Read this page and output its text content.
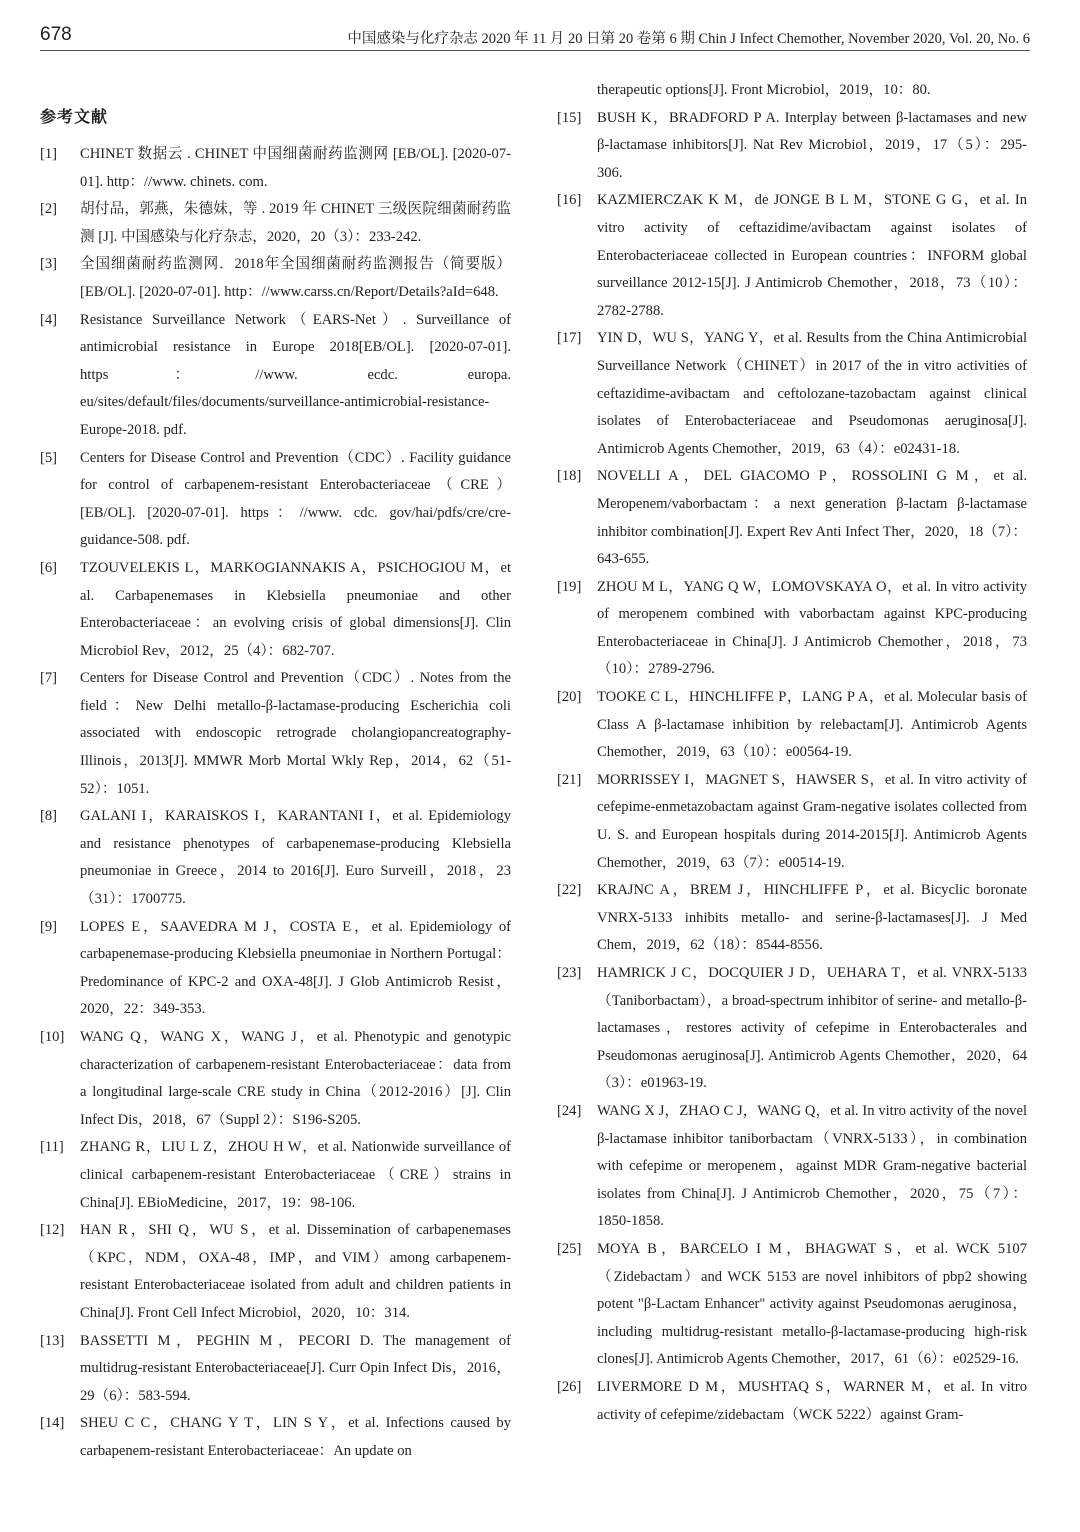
678	中国感染与化疗杂志 2020 年 11 月 20 日第 20 卷第 6 期 Chin J Infect Chemother, November 2020, Vol. 20, No. 6
参考文献
[1]	CHINET 数据云 . CHINET 中国细菌耐药监测网 [EB/OL]. [2020-07-01]. http：//www. chinets. com.
[2]	胡付品，郭燕，朱德妹，等 . 2019 年 CHINET 三级医院细菌耐药监测 [J]. 中国感染与化疗杂志，2020，20（3）：233-242.
[3]	全国细菌耐药监测网．2018年全国细菌耐药监测报告（简要版）[EB/OL]. [2020-07-01]. http：//www.carss.cn/Report/Details?aId=648.
[4]	Resistance Surveillance Network（EARS-Net）. Surveillance of antimicrobial resistance in Europe 2018[EB/OL]. [2020-07-01]. https：//www. ecdc. europa. eu/sites/default/files/documents/surveillance-antimicrobial-resistance-Europe-2018. pdf.
[5]	Centers for Disease Control and Prevention（CDC）. Facility guidance for control of carbapenem-resistant Enterobacteriaceae（CRE）[EB/OL]. [2020-07-01]. https：//www. cdc. gov/hai/pdfs/cre/cre-guidance-508. pdf.
[6]	TZOUVELEKIS L，MARKOGIANNAKIS A，PSICHOGIOU M，et al. Carbapenemases in Klebsiella pneumoniae and other Enterobacteriaceae：an evolving crisis of global dimensions[J]. Clin Microbiol Rev，2012，25（4）：682-707.
[7]	Centers for Disease Control and Prevention（CDC）. Notes from the field：New Delhi metallo-β-lactamase-producing Escherichia coli associated with endoscopic retrograde cholangiopancreatography-Illinois，2013[J]. MMWR Morb Mortal Wkly Rep，2014，62（51-52）：1051.
[8]	GALANI I，KARAISKOS I，KARANTANI I，et al. Epidemiology and resistance phenotypes of carbapenemase-producing Klebsiella pneumoniae in Greece，2014 to 2016[J]. Euro Surveill，2018，23（31）：1700775.
[9]	LOPES E，SAAVEDRA M J，COSTA E，et al. Epidemiology of carbapenemase-producing Klebsiella pneumoniae in Northern Portugal：Predominance of KPC-2 and OXA-48[J]. J Glob Antimicrob Resist，2020，22：349-353.
[10]	WANG Q，WANG X，WANG J，et al. Phenotypic and genotypic characterization of carbapenem-resistant Enterobacteriaceae：data from a longitudinal large-scale CRE study in China（2012-2016）[J]. Clin Infect Dis，2018，67（Suppl 2）：S196-S205.
[11]	ZHANG R，LIU L Z，ZHOU H W，et al. Nationwide surveillance of clinical carbapenem-resistant Enterobacteriaceae（CRE）strains in China[J]. EBioMedicine，2017，19：98-106.
[12]	HAN R，SHI Q，WU S，et al. Dissemination of carbapenemases（KPC，NDM，OXA-48，IMP，and VIM）among carbapenem-resistant Enterobacteriaceae isolated from adult and children patients in China[J]. Front Cell Infect Microbiol，2020，10：314.
[13]	BASSETTI M，PEGHIN M，PECORI D. The management of multidrug-resistant Enterobacteriaceae[J]. Curr Opin Infect Dis，2016，29（6）：583-594.
[14]	SHEU C C，CHANG Y T，LIN S Y，et al. Infections caused by carbapenem-resistant Enterobacteriaceae：An update on
therapeutic options[J]. Front Microbiol，2019，10：80.
[15]	BUSH K，BRADFORD P A. Interplay between β-lactamases and new β-lactamase inhibitors[J]. Nat Rev Microbiol，2019，17（5）：295-306.
[16]	KAZMIERCZAK K M，de JONGE B L M，STONE G G，et al. In vitro activity of ceftazidime/avibactam against isolates of Enterobacteriaceae collected in European countries：INFORM global surveillance 2012-15[J]. J Antimicrob Chemother，2018，73（10）：2782-2788.
[17]	YIN D，WU S，YANG Y，et al. Results from the China Antimicrobial Surveillance Network（CHINET）in 2017 of the in vitro activities of ceftazidime-avibactam and ceftolozane-tazobactam against clinical isolates of Enterobacteriaceae and Pseudomonas aeruginosa[J]. Antimicrob Agents Chemother，2019，63（4）：e02431-18.
[18]	NOVELLI A，DEL GIACOMO P，ROSSOLINI G M，et al. Meropenem/vaborbactam：a next generation β-lactam β-lactamase inhibitor combination[J]. Expert Rev Anti Infect Ther，2020，18（7）：643-655.
[19]	ZHOU M L，YANG Q W，LOMOVSKAYA O，et al. In vitro activity of meropenem combined with vaborbactam against KPC-producing Enterobacteriaceae in China[J]. J Antimicrob Chemother，2018，73（10）：2789-2796.
[20]	TOOKE C L，HINCHLIFFE P，LANG P A，et al. Molecular basis of Class A β-lactamase inhibition by relebactam[J]. Antimicrob Agents Chemother，2019，63（10）：e00564-19.
[21]	MORRISSEY I，MAGNET S，HAWSER S，et al. In vitro activity of cefepime-enmetazobactam against Gram-negative isolates collected from U. S. and European hospitals during 2014-2015[J]. Antimicrob Agents Chemother，2019，63（7）：e00514-19.
[22]	KRAJNC A，BREM J，HINCHLIFFE P，et al. Bicyclic boronate VNRX-5133 inhibits metallo- and serine-β-lactamases[J]. J Med Chem，2019，62（18）：8544-8556.
[23]	HAMRICK J C，DOCQUIER J D，UEHARA T，et al. VNRX-5133（Taniborbactam），a broad-spectrum inhibitor of serine- and metallo-β-lactamases，restores activity of cefepime in Enterobacterales and Pseudomonas aeruginosa[J]. Antimicrob Agents Chemother，2020，64（3）：e01963-19.
[24]	WANG X J，ZHAO C J，WANG Q，et al. In vitro activity of the novel β-lactamase inhibitor taniborbactam（VNRX-5133），in combination with cefepime or meropenem，against MDR Gram-negative bacterial isolates from China[J]. J Antimicrob Chemother，2020，75（7）：1850-1858.
[25]	MOYA B，BARCELO I M，BHAGWAT S，et al. WCK 5107（Zidebactam）and WCK 5153 are novel inhibitors of pbp2 showing potent "β-Lactam Enhancer" activity against Pseudomonas aeruginosa，including multidrug-resistant metallo-β-lactamase-producing high-risk clones[J]. Antimicrob Agents Chemother，2017，61（6）：e02529-16.
[26]	LIVERMORE D M，MUSHTAQ S，WARNER M，et al. In vitro activity of cefepime/zidebactam（WCK 5222）against Gram-
